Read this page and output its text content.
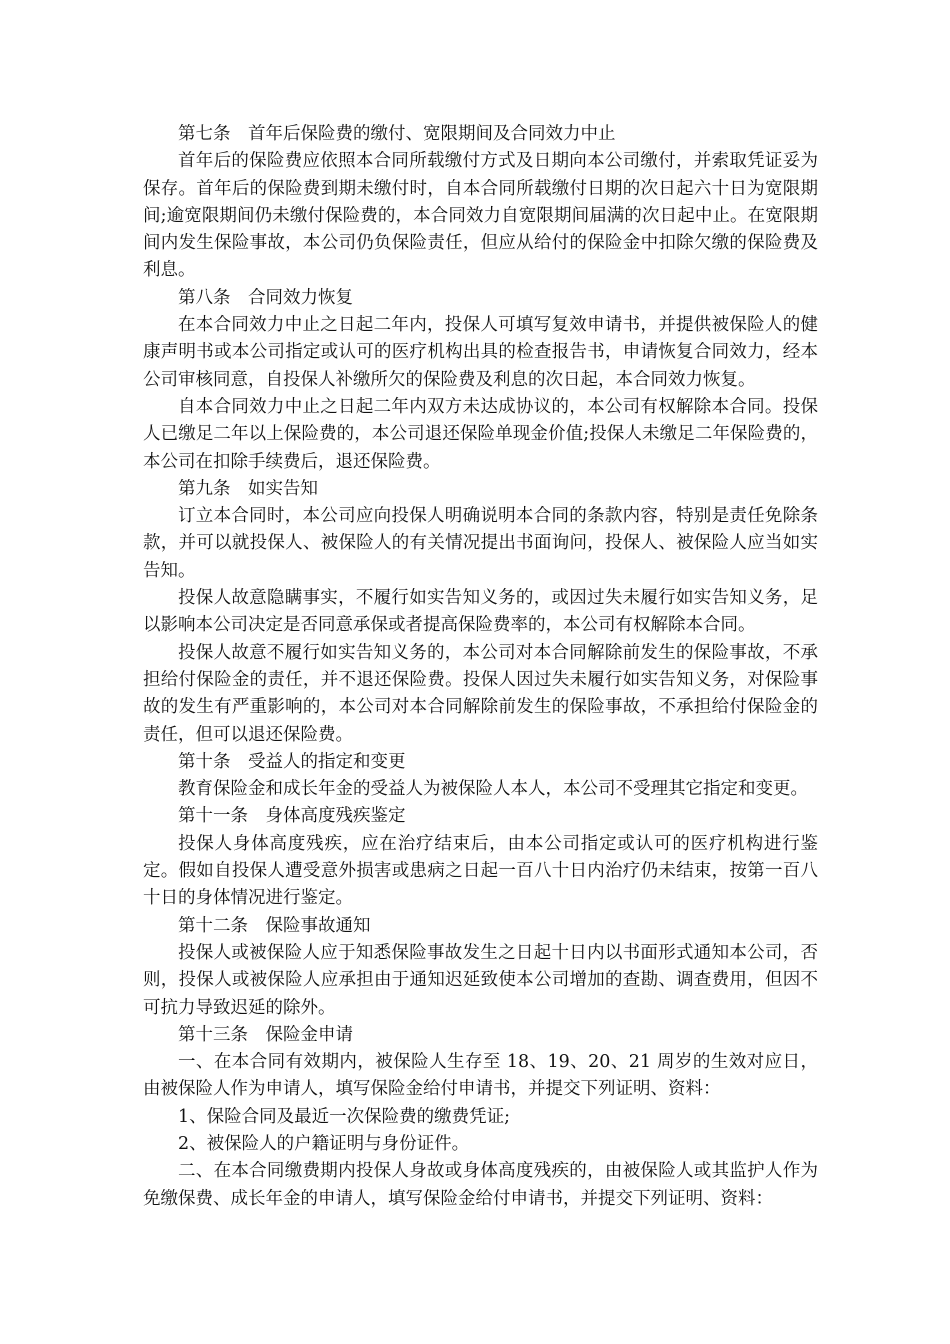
第七条　首年后保险费的缴付、宽限期间及合同效力中止

首年后的保险费应依照本合同所载缴付方式及日期向本公司缴付，并索取凭证妥为保存。首年后的保险费到期未缴付时，自本合同所载缴付日期的次日起六十日为宽限期间;逾宽限期间仍未缴付保险费的，本合同效力自宽限期间届满的次日起中止。在宽限期间内发生保险事故，本公司仍负保险责任，但应从给付的保险金中扣除欠缴的保险费及利息。

第八条　合同效力恢复

在本合同效力中止之日起二年内，投保人可填写复效申请书，并提供被保险人的健康声明书或本公司指定或认可的医疗机构出具的检查报告书，申请恢复合同效力，经本公司审核同意，自投保人补缴所欠的保险费及利息的次日起，本合同效力恢复。

自本合同效力中止之日起二年内双方未达成协议的，本公司有权解除本合同。投保人已缴足二年以上保险费的，本公司退还保险单现金价值;投保人未缴足二年保险费的，本公司在扣除手续费后，退还保险费。

第九条　如实告知

订立本合同时，本公司应向投保人明确说明本合同的条款内容，特别是责任免除条款，并可以就投保人、被保险人的有关情况提出书面询问，投保人、被保险人应当如实告知。

投保人故意隐瞒事实，不履行如实告知义务的，或因过失未履行如实告知义务，足以影响本公司决定是否同意承保或者提高保险费率的，本公司有权解除本合同。

投保人故意不履行如实告知义务的，本公司对本合同解除前发生的保险事故，不承担给付保险金的责任，并不退还保险费。投保人因过失未履行如实告知义务，对保险事故的发生有严重影响的，本公司对本合同解除前发生的保险事故，不承担给付保险金的责任，但可以退还保险费。

第十条　受益人的指定和变更

教育保险金和成长年金的受益人为被保险人本人，本公司不受理其它指定和变更。

第十一条　身体高度残疾鉴定

投保人身体高度残疾，应在治疗结束后，由本公司指定或认可的医疗机构进行鉴定。假如自投保人遭受意外损害或患病之日起一百八十日内治疗仍未结束，按第一百八十日的身体情况进行鉴定。

第十二条　保险事故通知

投保人或被保险人应于知悉保险事故发生之日起十日内以书面形式通知本公司，否则，投保人或被保险人应承担由于通知迟延致使本公司增加的查勘、调查费用，但因不可抗力导致迟延的除外。

第十三条　保险金申请

一、在本合同有效期内，被保险人生存至 18、19、20、21 周岁的生效对应日，由被保险人作为申请人，填写保险金给付申请书，并提交下列证明、资料：

1、保险合同及最近一次保险费的缴费凭证;

2、被保险人的户籍证明与身份证件。

二、在本合同缴费期内投保人身故或身体高度残疾的，由被保险人或其监护人作为免缴保费、成长年金的申请人，填写保险金给付申请书，并提交下列证明、资料：
